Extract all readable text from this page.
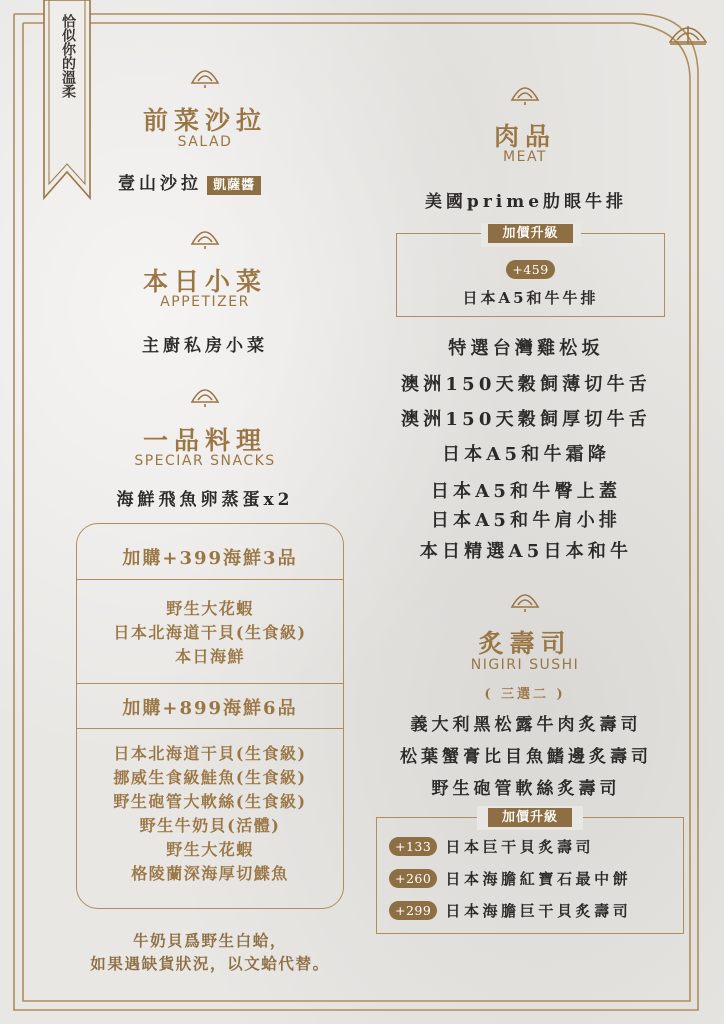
恰似你的溫柔
前菜沙拉
SALAD
壹山沙拉 凱薩醬
本日小菜
APPETIZER
主廚私房小菜
一品料理
SPECIAR SNACKS
海鮮飛魚卵蒸蛋x2
加購+399海鮮3品
野生大花蝦
日本北海道干貝(生食級)
本日海鮮
加購+899海鮮6品
日本北海道干貝(生食級)
挪威生食級鮭魚(生食級)
野生砲管大軟絲(生食級)
野生牛奶貝(活體)
野生大花蝦
格陵蘭深海厚切鰈魚
牛奶貝爲野生白蛤，
如果遇缺貨狀況，以文蛤代替。
肉品
MEAT
美國prime肋眼牛排
加價升級
+459
日本A5和牛牛排
特選台灣雞松坂
澳洲150天穀飼薄切牛舌
澳洲150天穀飼厚切牛舌
日本A5和牛霜降
日本A5和牛臀上蓋
日本A5和牛肩小排
本日精選A5日本和牛
炙壽司
NIGIRI SUSHI
( 三選二 )
義大利黑松露牛肉炙壽司
松葉蟹膏比目魚鰭邊炙壽司
野生砲管軟絲炙壽司
加價升級
+133 日本巨干貝炙壽司
+260 日本海膽紅寶石最中餅
+299 日本海膽巨干貝炙壽司
